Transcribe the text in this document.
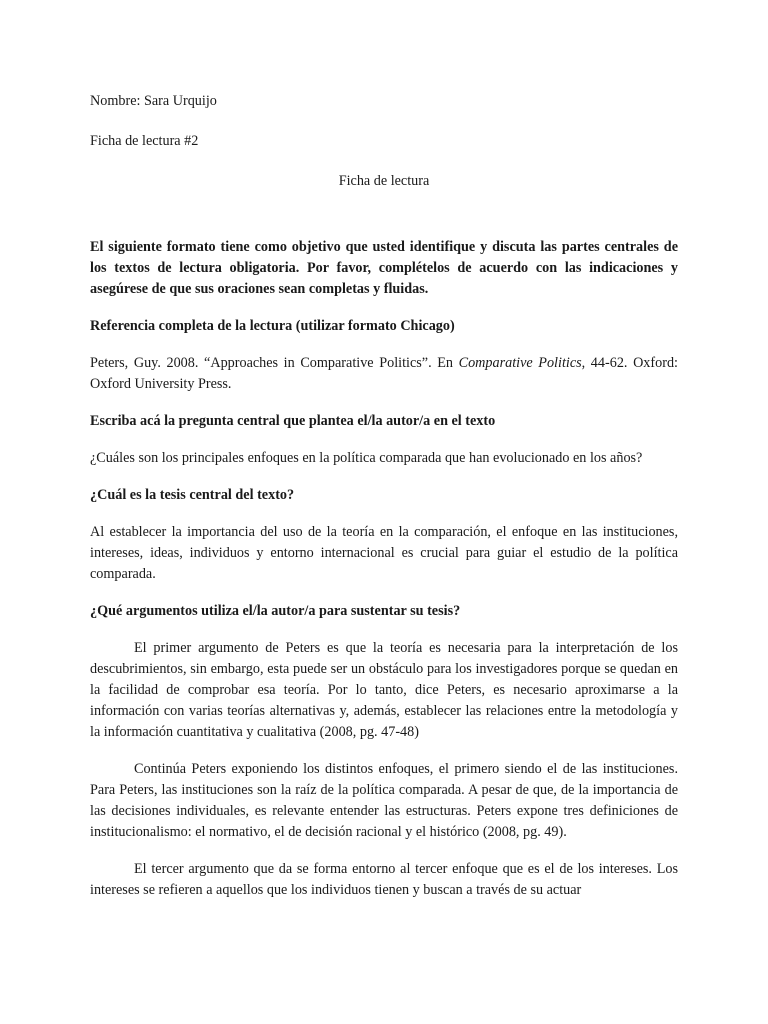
Nombre: Sara Urquijo

Ficha de lectura #2

Ficha de lectura

El siguiente formato tiene como objetivo que usted identifique y discuta las partes centrales de los textos de lectura obligatoria. Por favor, complételos de acuerdo con las indicaciones y asegúrese de que sus oraciones sean completas y fluidas.

Referencia completa de la lectura (utilizar formato Chicago)

Peters, Guy. 2008. “Approaches in Comparative Politics”. En Comparative Politics, 44-62. Oxford: Oxford University Press.

Escriba acá la pregunta central que plantea el/la autor/a en el texto

¿Cuáles son los principales enfoques en la política comparada que han evolucionado en los años?

¿Cuál es la tesis central del texto?

Al establecer la importancia del uso de la teoría en la comparación, el enfoque en las instituciones, intereses, ideas, individuos y entorno internacional es crucial para guiar el estudio de la política comparada.

¿Qué argumentos utiliza el/la autor/a para sustentar su tesis?

El primer argumento de Peters es que la teoría es necesaria para la interpretación de los descubrimientos, sin embargo, esta puede ser un obstáculo para los investigadores porque se quedan en la facilidad de comprobar esa teoría. Por lo tanto, dice Peters, es necesario aproximarse a la información con varias teorías alternativas y, además, establecer las relaciones entre la metodología y la información cuantitativa y cualitativa (2008, pg. 47-48)

Continúa Peters exponiendo los distintos enfoques, el primero siendo el de las instituciones. Para Peters, las instituciones son la raíz de la política comparada. A pesar de que, de la importancia de las decisiones individuales, es relevante entender las estructuras. Peters expone tres definiciones de institucionalismo: el normativo, el de decisión racional y el histórico (2008, pg. 49).

El tercer argumento que da se forma entorno al tercer enfoque que es el de los intereses. Los intereses se refieren a aquellos que los individuos tienen y buscan a través de su actuar
